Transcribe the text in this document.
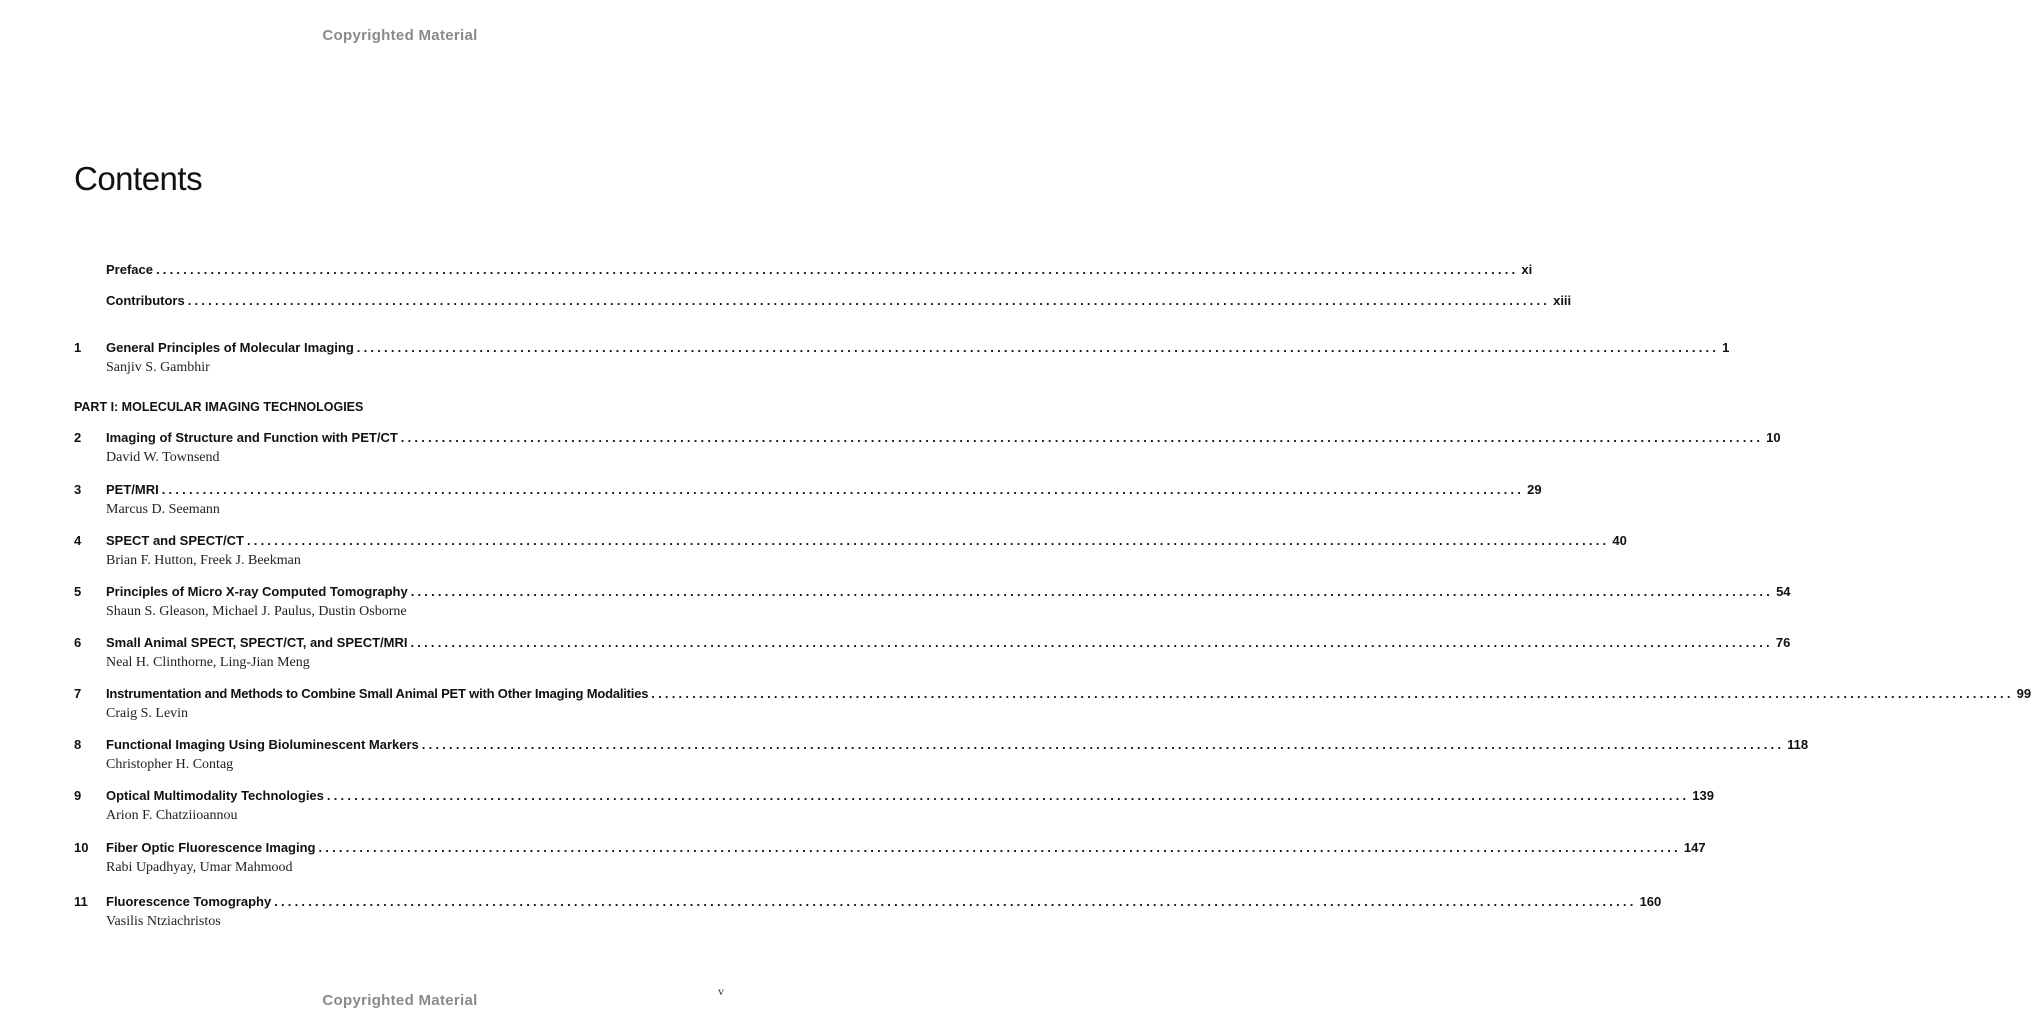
Copyrighted Material
Contents
Preface ........................................................................................................................................................................................................ xi
Contributors ........................................................................................................................................................................................................ xiii
1	General Principles of Molecular Imaging ........................................................................................................................................................................................................ 1
Sanjiv S. Gambhir
PART I: MOLECULAR IMAGING TECHNOLOGIES
2	Imaging of Structure and Function with PET/CT ........................................................................................................................................................................................................ 10
David W. Townsend
3	PET/MRI ........................................................................................................................................................................................................ 29
Marcus D. Seemann
4	SPECT and SPECT/CT ........................................................................................................................................................................................................ 40
Brian F. Hutton, Freek J. Beekman
5	Principles of Micro X-ray Computed Tomography ........................................................................................................................................................................................................ 54
Shaun S. Gleason, Michael J. Paulus, Dustin Osborne
6	Small Animal SPECT, SPECT/CT, and SPECT/MRI ........................................................................................................................................................................................................ 76
Neal H. Clinthorne, Ling-Jian Meng
7	Instrumentation and Methods to Combine Small Animal PET with Other Imaging Modalities ........................................................................................................................................................................................................ 99
Craig S. Levin
8	Functional Imaging Using Bioluminescent Markers ........................................................................................................................................................................................................ 118
Christopher H. Contag
9	Optical Multimodality Technologies ........................................................................................................................................................................................................ 139
Arion F. Chatziioannou
10	Fiber Optic Fluorescence Imaging ........................................................................................................................................................................................................ 147
Rabi Upadhyay, Umar Mahmood
11	Fluorescence Tomography ........................................................................................................................................................................................................ 160
Vasilis Ntziachristos
v
Copyrighted Material
